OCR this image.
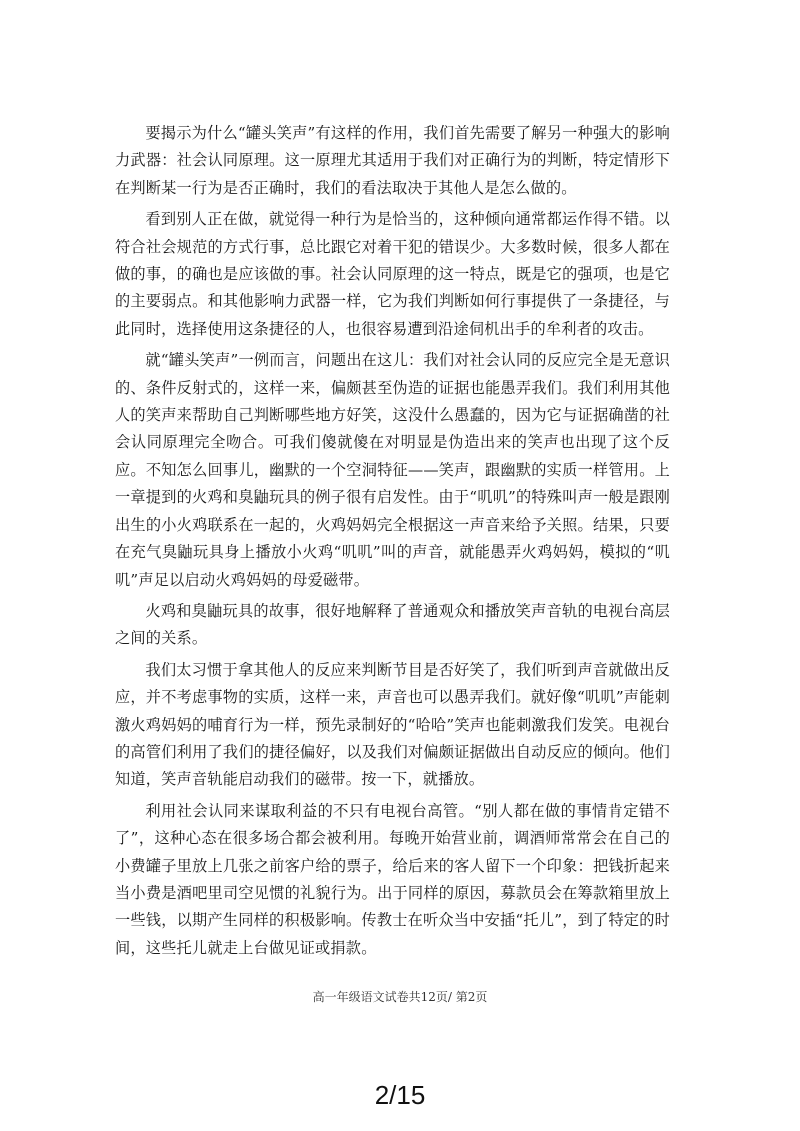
要揭示为什么“罐头笑声”有这样的作用，我们首先需要了解另一种强大的影响力武器：社会认同原理。这一原理尤其适用于我们对正确行为的判断，特定情形下在判断某一行为是否正确时，我们的看法取决于其他人是怎么做的。

看到别人正在做，就觉得一种行为是恰当的，这种倾向通常都运作得不错。以符合社会规范的方式行事，总比跟它对着干犯的错误少。大多数时候，很多人都在做的事，的确也是应该做的事。社会认同原理的这一特点，既是它的强项，也是它的主要弱点。和其他影响力武器一样，它为我们判断如何行事提供了一条捷径，与此同时，选择使用这条捷径的人，也很容易遭到沿途伺机出手的牟利者的攻击。

就“罐头笑声”一例而言，问题出在这儿：我们对社会认同的反应完全是无意识的、条件反射式的，这样一来，偏颇甚至伪造的证据也能愚弄我们。我们利用其他人的笑声来帮助自己判断哪些地方好笑，这没什么愚蠢的，因为它与证据确凿的社会认同原理完全吻合。可我们傻就傻在对明显是伪造出来的笑声也出现了这个反应。不知怎么回事儿，幽默的一个空洞特征——笑声，跟幽默的实质一样管用。上一章提到的火鸡和臭鼬玩具的例子很有启发性。由于“叽叽”的特殊叫声一般是跟刚出生的小火鸡联系在一起的，火鸡妈妈完全根据这一声音来给予关照。结果，只要在充气臭鼬玩具身上播放小火鸡“叽叽”叫的声音，就能愚弄火鸡妈妈，模拟的“叽叽”声足以启动火鸡妈妈的母爱磁带。

火鸡和臭鼬玩具的故事，很好地解释了普通观众和播放笑声音轨的电视台高层之间的关系。

我们太习惯于拿其他人的反应来判断节目是否好笑了，我们听到声音就做出反应，并不考虑事物的实质，这样一来，声音也可以愚弄我们。就好像“叽叽”声能刺激火鸡妈妈的哺育行为一样，预先录制好的“哈哈”笑声也能刺激我们发笑。电视台的高管们利用了我们的捷径偏好，以及我们对偏颇证据做出自动反应的倾向。他们知道，笑声音轨能启动我们的磁带。按一下，就播放。

利用社会认同来谋取利益的不只有电视台高管。“别人都在做的事情肯定错不了”，这种心态在很多场合都会被利用。每晚开始营业前，调酒师常常会在自己的小费罐子里放上几张之前客户给的票子，给后来的客人留下一个印象：把钱折起来当小费是酒吧里司空见惯的礼貌行为。出于同样的原因，募款员会在筹款箱里放上一些钱，以期产生同样的积极影响。传教士在听众当中安插“托儿”，到了特定的时间，这些托儿就走上台做见证或捐款。

高一年级语文试卷共12页/ 第2页
2/15
